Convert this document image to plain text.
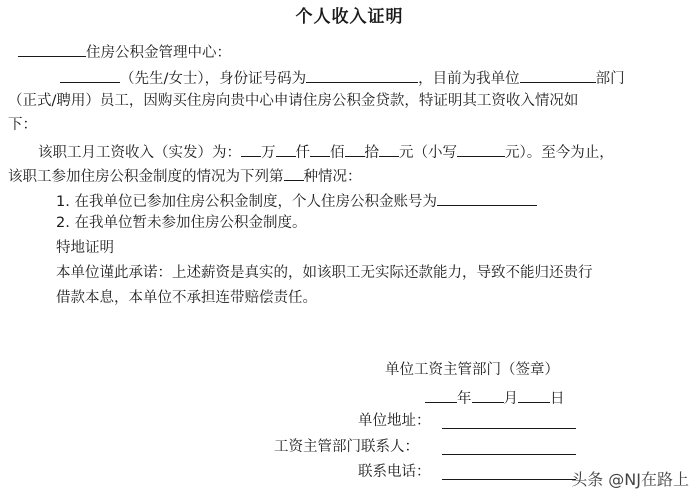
个人收入证明
住房公积金管理中心：
（先生/女士），身份证号码为	，目前为我单位	部门
（正式/聘用）员工，因购买住房向贵中心申请住房公积金贷款，特证明其工资收入情况如
下：
该职工月工资收入（实发）为： 万 仟 佰 拾 元（小写	元）。至今为止，
该职工参加住房公积金制度的情况为下列第 种情况：
1. 在我单位已参加住房公积金制度，个人住房公积金账号为
2. 在我单位暂未参加住房公积金制度。
特地证明
本单位谨此承诺：上述薪资是真实的，如该职工无实际还款能力，导致不能归还贵行
借款本息，本单位不承担连带赔偿责任。
单位工资主管部门（签章）
年 月 日
单位地址：
工资主管部门联系人：
联系电话：	头条 @NJ在路上
